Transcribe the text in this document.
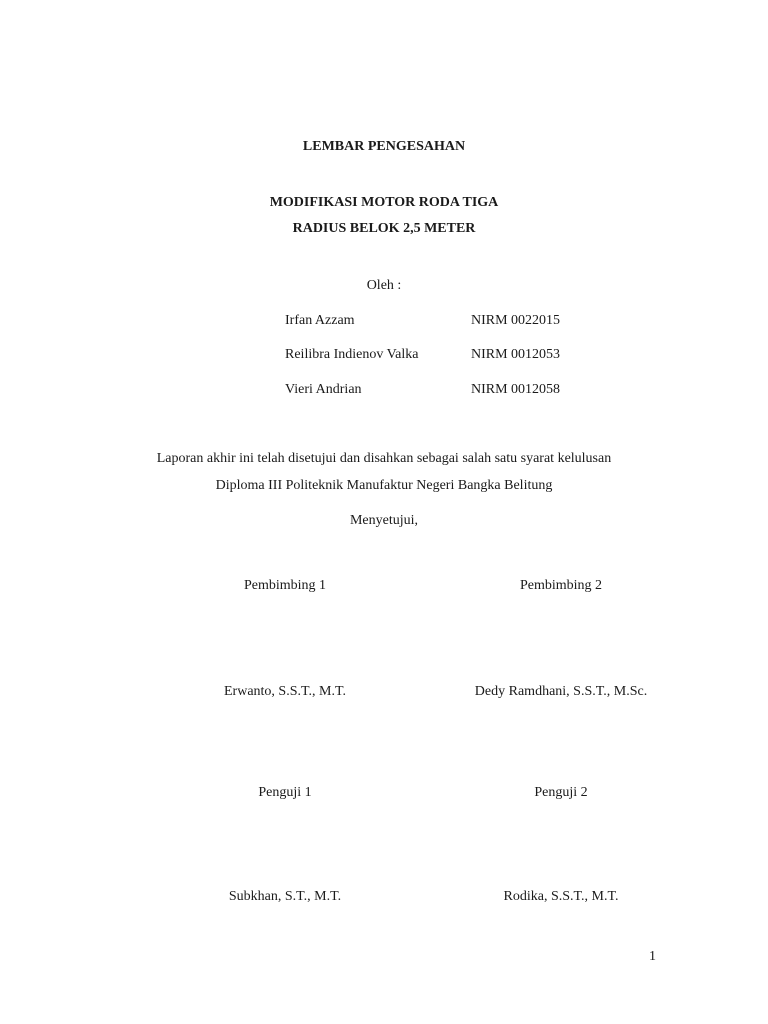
LEMBAR PENGESAHAN
MODIFIKASI MOTOR RODA TIGA
RADIUS BELOK 2,5 METER
Oleh :
Irfan Azzam	NIRM 0022015
Reilibra Indienov Valka	NIRM 0012053
Vieri Andrian	NIRM 0012058
Laporan akhir ini telah disetujui dan disahkan sebagai salah satu syarat kelulusan
Diploma III Politeknik Manufaktur Negeri Bangka Belitung
Menyetujui,
Pembimbing 1	Pembimbing 2
Erwanto, S.S.T., M.T.	Dedy Ramdhani, S.S.T., M.Sc.
Penguji 1	Penguji 2
Subkhan, S.T., M.T.	Rodika, S.S.T., M.T.
1
